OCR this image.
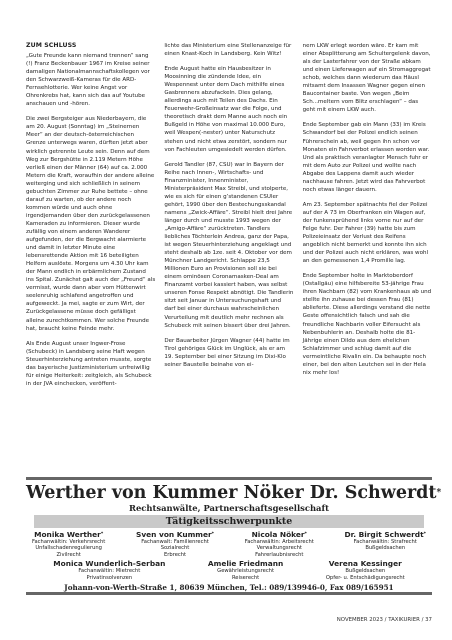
ZUM SCHLUSS

„Gute Freunde kann niemand trennen“ sang (!) Franz Beckenbauer 1967 im Kreise seiner damaligen Nationalmannschaftskollegen vor den Schwarzweiß-Kameras für die ARD-Fernsehlotterie. Wer keine Angst vor Ohrenkrebs hat, kann sich das auf Youtube anschauen und -hören.

Die zwei Bergsteiger aus Niederbayern, die am 20. August (Sonntag) im „Steinernen Meer“ an der deutsch-österreichischen Grenze unterwegs waren, dürften jetzt aber wirklich getrennte Leute sein. Denn auf dem Weg zur Bergshütte in 2.119 Metern Höhe verließ einen der Männer (64) auf ca. 2.000 Metern die Kraft, woraufhin der andere alleine weiterging und sich schließlich in seinem gebuchten Zimmer zur Ruhe bettete – ohne darauf zu warten, ob der andere noch kommen würde und auch ohne irgendjemanden über den zurückgelassenen Kameraden zu informieren. Dieser wurde zufällig von einem anderen Wanderer aufgefunden, der die Bergwacht alarmierte und damit in letzter Minute eine lebensrettende Aktion mit 16 beteiligten Helfern auslöste. Morgens um 4.30 Uhr kam der Mann endlich in erbärmlichem Zustand ins Spital. Zunächst galt auch der „Freund“ als vermisst, wurde dann aber vom Hüttenwirt seelenruhig schlafend angetroffen und aufgeweckt. Ja mei, sagte er zum Wirt, der Zurückgelassene müsse doch gefälligst alleine zurechtkommen. Wer solche Freunde hat, braucht keine Feinde mehr.

Als Ende August unser Ingwer-Frose (Schubeck) in Landsberg seine Haft wegen Steuerhinterziehung antreten musste, sorgte das bayerische Justizministerium unfreiwillig für einige Heiterkeit: zeitgleich, als Schubeck in der JVA einchecken, veröffent-

lichte das Ministerium eine Stellenanzeige für einen Knast-Koch in Landsberg. Kein Witz!

Ende August hatte ein Hausbesitzer in Moosinning die zündende Idee, ein Wespennest unter dem Dach mithilfe eines Gasbrenners abzufackeln. Dies gelang, allerdings auch mit Teilen des Dachs. Ein Feuerwehr-Großeinsatz war die Folge, und theoretisch drakt dem Manne auch noch ein Bußgeld in Höhe von maximal 10.000 Euro, weil Wespen(-nester) unter Naturschutz stehen und nicht etwa zerstört, sondern nur von Fachleuten umgesiedelt werden dürfen.

Gerold Tandler (87, CSU) war in Bayern der Reihe nach Innen-, Wirtschafts- und Finanzminister, Innenminister, Ministerpräsident Max Streibl, und stolperte, wie es sich für einen g’standenen CSUler gehört, 1990 über den Bestechungsskandal namens „Zwick-Affäre“. Streibl hielt drei Jahre länger durch und musste 1993 wegen der „Amigo-Affäre“ zurücktreten. Tandlers liebliches Töchterlein Andrea, ganz der Papa, ist wegen Steuerhinterziehung angeklagt und steht deshalb ab 1ze. seit 4. Oktober vor dem Münchner Landgericht. Schlappe 23,5 Millionen Euro an Provisionen soll sie bei einem ominösen Coronamasken-Deal am Finanzamt vorbei kassiert haben, was selbst unseren Fonse Respekt abnötigt. Die Tandlerin sitzt seit Januar in Untersuchungshaft und darf bei einer durchaus wahrscheinlichen Verurteilung mit deutlich mehr rechnen als Schubeck mit seinen bissert über drei Jahren.

Der Bauarbeiter Jürgen Wagner (44) hatte im Tirol gehöriges Glück im Unglück, als er am 19. September bei einer Sitzung im Dixi-Klo seiner Baustelle beinahe von ei-

nem LKW erlegt worden wäre. Er kam mit einer Absplitterung am Schultergelenk davon, als der Lasterfahrer von der Straße abkam und einen Lieferwagen auf ein Stromaggregat schob, welches dann wiederum das Häusl mitsamt dem Insassen Wagner gegen einen Baucontainer baste. Von wegen „Beim Sch...meltern vom Blitz erschlagen“ – das geht mit einem LKW auch.

Ende September gab ein Mann (33) im Kreis Schwandorf bei der Polizei endlich seinen Führerschein ab, weil gegen ihn schon vor Monaten ein Fahrverbot erlassen worden war. Und als praktisch veranlagter Mensch fuhr er mit dem Auto zur Polizei und wollte nach Abgabe des Lappens damit auch wieder nachhause fahren. Jetzt wird das Fahrverbot noch etwas länger dauern.

Am 23. September spätnachts fiel der Polizei auf der A 73 im Oberfranken ein Wagen auf, der funkensprühend links vorne nur auf der Felge fuhr. Der Fahrer (39) hatte bis zum Polizeieinsatz der Verlust des Reifens angeblich nicht bemerkt und konnte ihn sich und der Polizei auch nicht erklären, was wohl an den gemessenen 1,4 Promille lag.

Ende September holte in Marktoberdorf (Ostallgäu) eine hilfsbereite 53-jährige Frau ihren Nachbarn (82) vom Krankenhaus ab und stellte ihn zuhause bei dessen Frau (81) ablieferte. Diese allerdings verstand die nette Geste offensichtlich falsch und sah die freundliche Nachbarin voller Eifersucht als Nebenbuhlerin an. Deshalb holte die 81-Jährige einen Dildo aus dem ehelichen Schlafzimmer und schlug damit auf die vermeintliche Rivalin ein. Da behaupte noch einer, bei den alten Leutchen sei in der Hela nix mehr los!

Werther von Kummer Nöker Dr. Schwerdt*
Rechtsanwälte, Partnerschaftsgesellschaft
Tätigkeitsschwerpunkte
Monika Werther*
Fachanwältin: Verkehrsrecht
Unfallschadenregulierung
Zivilrecht
Sven von Kummer*
Fachanwalt: Familienrecht
Sozialrecht
Erbrecht
Nicola Nöker*
Fachanwältin: Arbeitsrecht
Verwaltungsrecht
Fahrerlaubnisrecht
Dr. Birgit Schwerdt*
Fachanwältin: Strafrecht
Bußgeldsachen
Monica Wunderlich-Serban
Fachanwältin: Mietrecht
Privatinsolvenzen
Amelie Friedmann
Gewährleistungsrecht
Reiserecht
Verena Kessinger
Bußgeldsachen
Opfer- u. Entschädigungsrecht
Johann-von-Werth-Straße 1, 80639 München, Tel.: 089/139946-0, Fax 089/165951
NOVEMBER 2023 / TAXIKURIER / 37
